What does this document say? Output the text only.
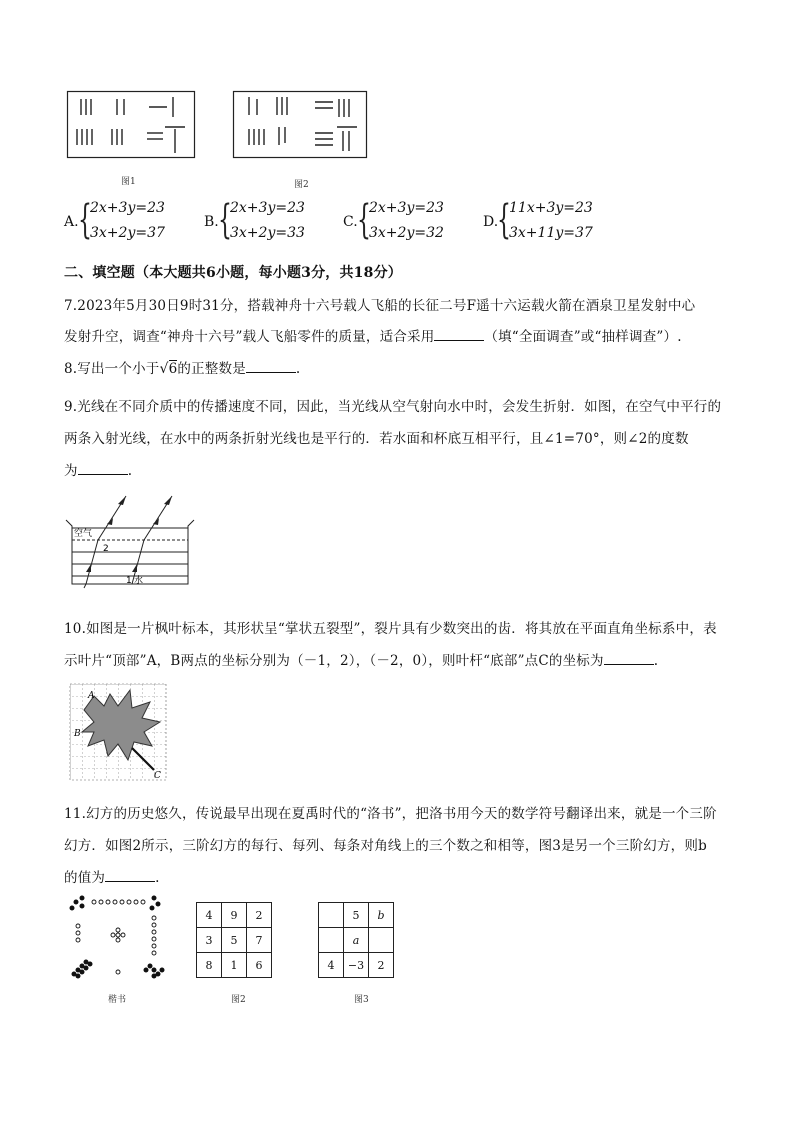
图1	图2
A. {
2x+3y=23
3x+2y=37
B. {
2x+3y=23
3x+2y=33
C. {
2x+3y=23
3x+2y=32
D.
{
11x+3y=23
3x+11y=37
二、填空题（本大题共6小题，每小题3分，共18分）
7.2023年5月30日9时31分，搭载神舟十六号载人飞船的长征二号F遥十六运载火箭在酒泉卫星发射中心
发射升空，调查“神舟十六号”载人飞船零件的质量，适合采用	（填“全面调查”或“抽样调查”）.
8.写出一个小于√6的正整数是	.
9.光线在不同介质中的传播速度不同，因此，当光线从空气射向水中时，会发生折射．如图，在空气中平行的
两条入射光线，在水中的两条折射光线也是平行的．若水面和杯底互相平行，且∠1=70°，则∠2的度数
为	.
空气
2
1 水
10.如图是一片枫叶标本，其形状呈“掌状五裂型”，裂片具有少数突出的齿．将其放在平面直角坐标系中，表
示叶片“顶部”A，B两点的坐标分别为（－1，2），（－2，0），则叶杆“底部”点C的坐标为	.
A
B
C
11.幻方的历史悠久，传说最早出现在夏禹时代的“洛书”，把洛书用今天的数学符号翻译出来，就是一个三阶
幻方．如图2所示，三阶幻方的每行、每列、每条对角线上的三个数之和相等，图3是另一个三阶幻方，则b
的值为	.
楷书
4	9	2
3	5	7
8	1	6
图2
	5	b
	a	
4	−3	2
图3
